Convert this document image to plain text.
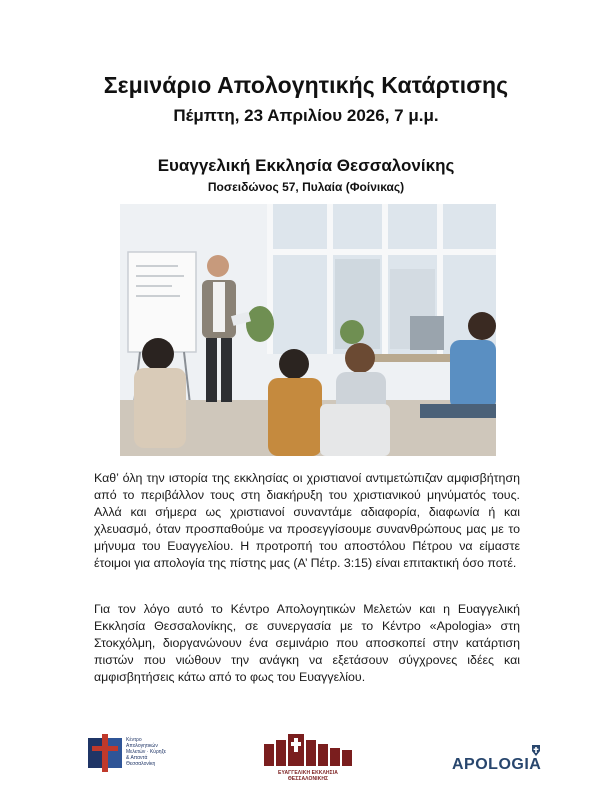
Σεμινάριο Απολογητικής Κατάρτισης
Πέμπτη, 23 Απριλίου 2026, 7 μ.μ.
Ευαγγελική Εκκλησία Θεσσαλονίκης
Ποσειδώνος 57, Πυλαία (Φοίνικας)

Καθ’ όλη την ιστορία της εκκλησίας οι χριστιανοί αντιμετώπιζαν αμφισβήτηση από το περιβάλλον τους στη διακήρυξη του χριστιανικού μηνύματός τους. Αλλά και σήμερα ως χριστιανοί συναντάμε αδιαφορία, διαφωνία ή και χλευασμό, όταν προσπαθούμε να προσεγγίσουμε συνανθρώπους μας με το μήνυμα του Ευαγγελίου. Η προτροπή του αποστόλου Πέτρου να είμαστε έτοιμοι για απολογία της πίστης μας (Α’ Πέτρ. 3:15) είναι επιτακτική όσο ποτέ.

Για τον λόγο αυτό το Κέντρο Απολογητικών Μελετών και η Ευαγγελική Εκκλησία Θεσσαλονίκης, σε συνεργασία με το Κέντρο «Apologia» στη Στοκχόλμη, διοργανώνουν ένα σεμινάριο που αποσκοπεί στην κατάρτιση πιστών που νιώθουν την ανάγκη να εξετάσουν σύγχρονες ιδέες και αμφισβητήσεις κάτω από το φως του Ευαγγελίου.

Κέντρο Απολογητικών Μελετών · Κύρηξε & Απαντά Θεσσαλονίκη
ΕΥΑΓΓΕΛΙΚΗ ΕΚΚΛΗΣΙΑ ΘΕΣΣΑΛΟΝΙΚΗΣ
APOLOGIA
